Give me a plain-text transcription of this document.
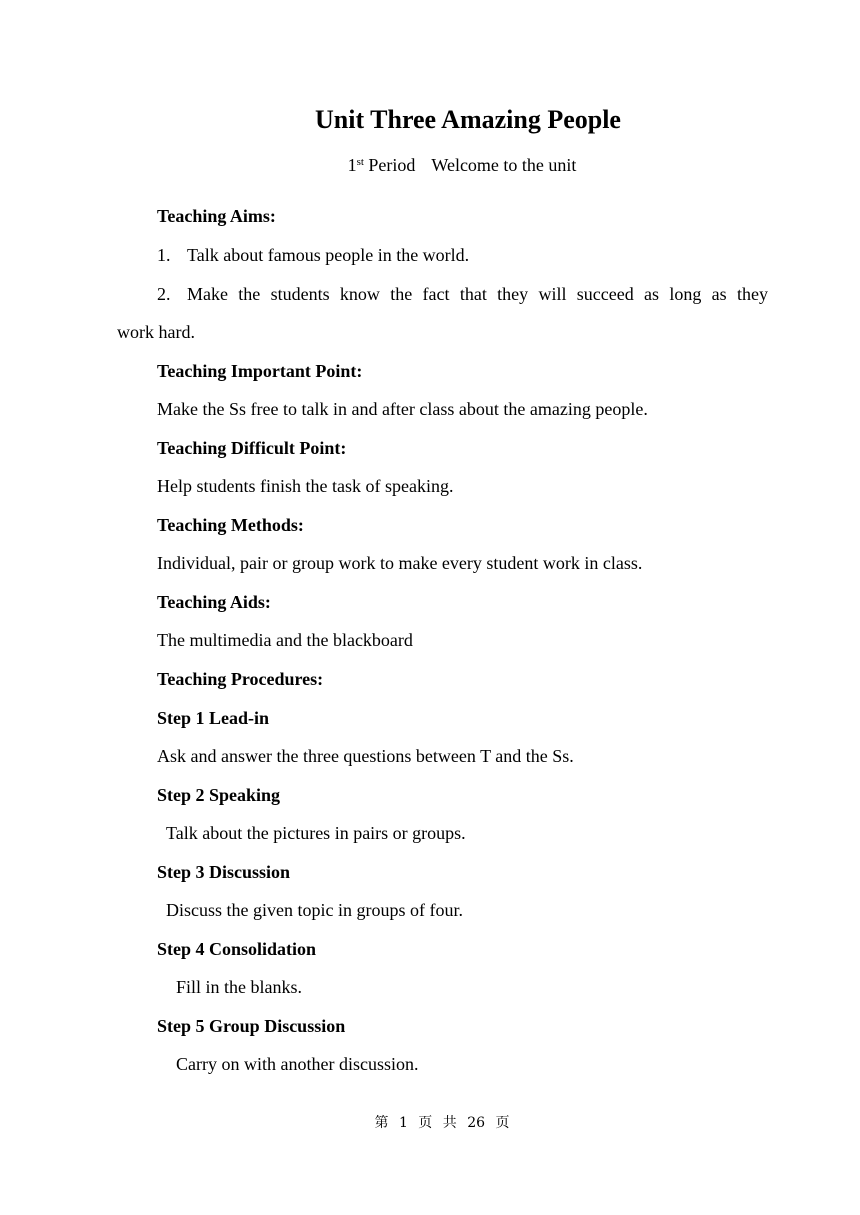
Unit Three Amazing People
1st Period Welcome to the unit
Teaching Aims:
1. Talk about famous people in the world.
2. Make the students know the fact that they will succeed as long as they
work hard.
Teaching Important Point:
Make the Ss free to talk in and after class about the amazing people.
Teaching Difficult Point:
Help students finish the task of speaking.
Teaching Methods:
Individual, pair or group work to make every student work in class.
Teaching Aids:
The multimedia and the blackboard
Teaching Procedures:
Step 1 Lead-in
Ask and answer the three questions between T and the Ss.
Step 2 Speaking
Talk about the pictures in pairs or groups.
Step 3 Discussion
Discuss the given topic in groups of four.
Step 4 Consolidation
Fill in the blanks.
Step 5 Group Discussion
Carry on with another discussion.
第 1 页 共 26 页
